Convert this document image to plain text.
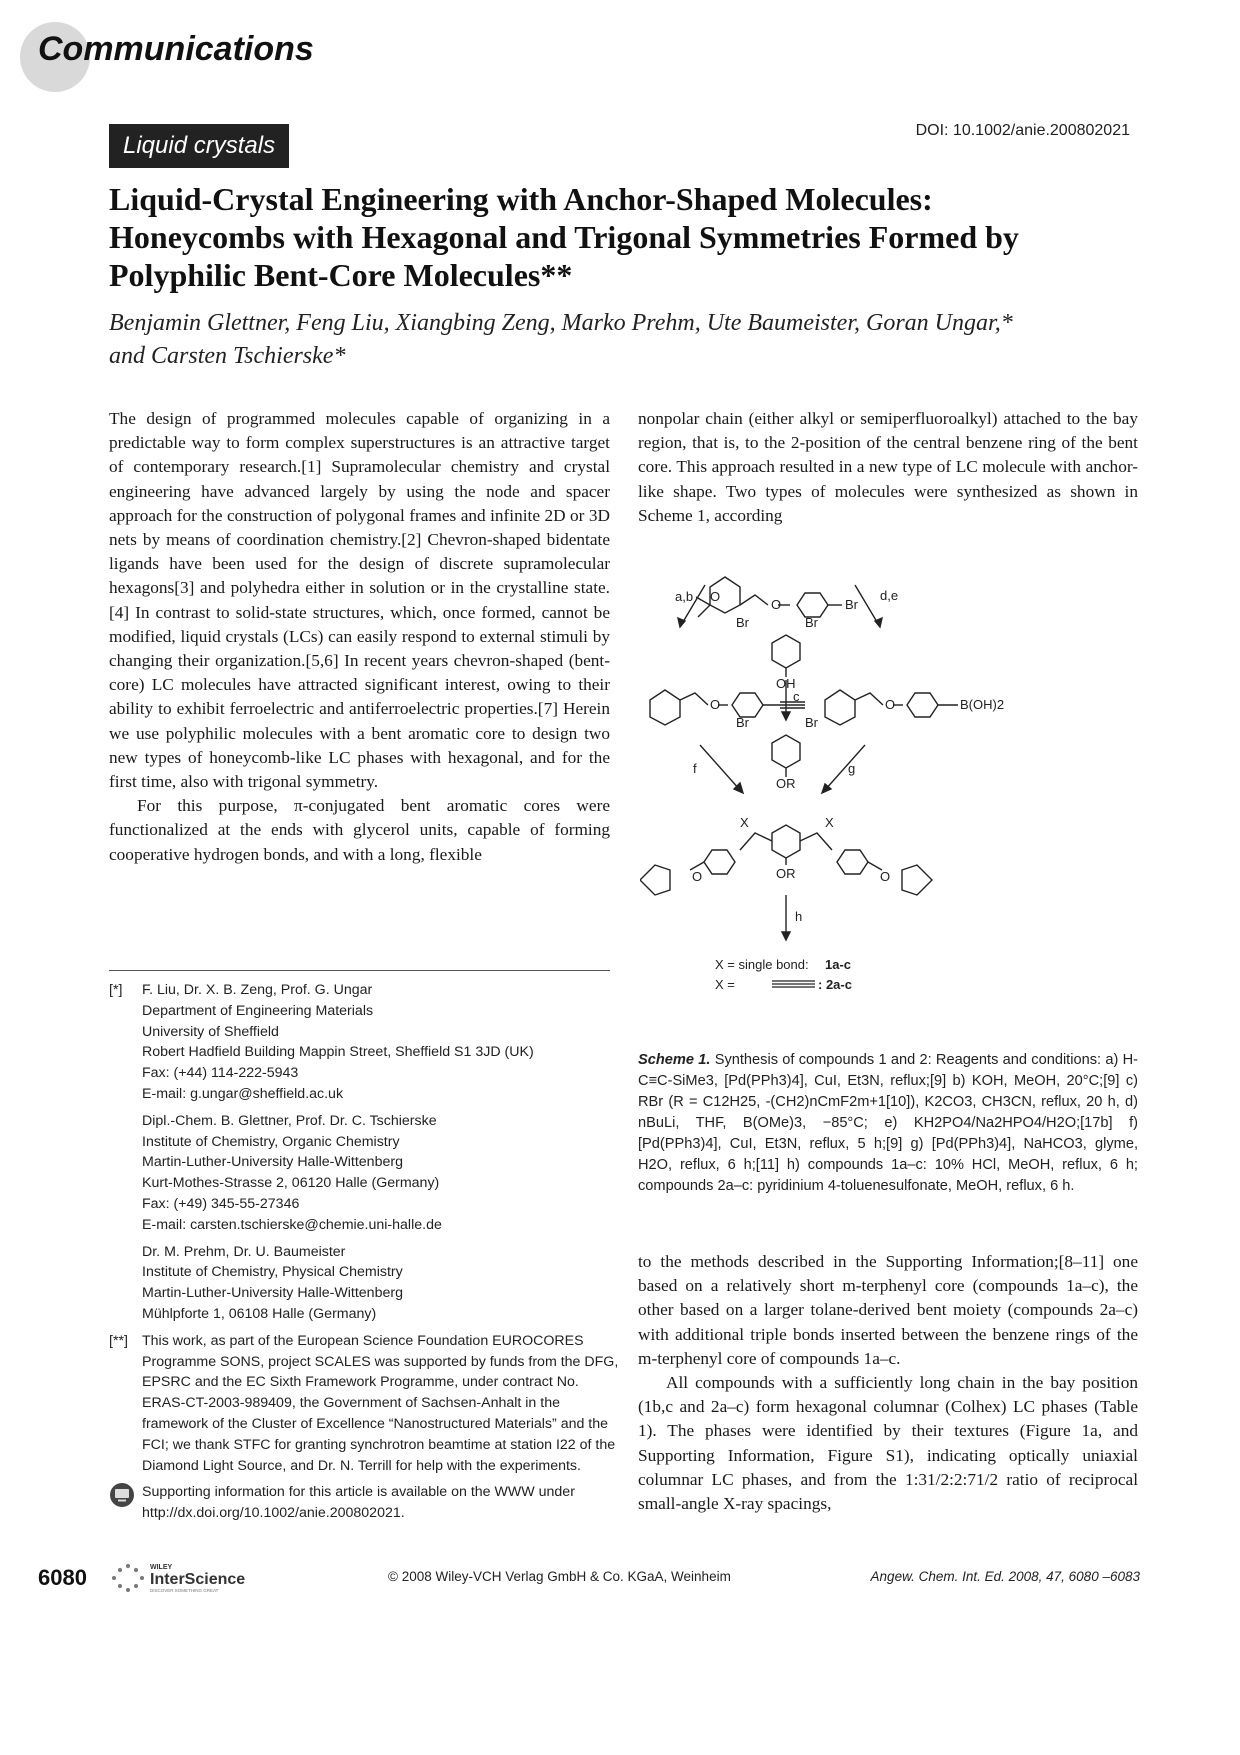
Communications
Liquid crystals
DOI: 10.1002/anie.200802021
Liquid-Crystal Engineering with Anchor-Shaped Molecules:
Honeycombs with Hexagonal and Trigonal Symmetries Formed by
Polyphilic Bent-Core Molecules**
Benjamin Glettner, Feng Liu, Xiangbing Zeng, Marko Prehm, Ute Baumeister, Goran Ungar,*
and Carsten Tschierske*

The design of programmed molecules capable of organizing in a predictable way to form complex superstructures is an attractive target of contemporary research.[1] Supramolecular chemistry and crystal engineering have advanced largely by using the node and spacer approach for the construction of polygonal frames and infinite 2D or 3D nets by means of coordination chemistry.[2] Chevron-shaped bidentate ligands have been used for the design of discrete supramolecular hexagons[3] and polyhedra either in solution or in the crystalline state.[4] In contrast to solid-state structures, which, once formed, cannot be modified, liquid crystals (LCs) can easily respond to external stimuli by changing their organization.[5,6] In recent years chevron-shaped (bent-core) LC molecules have attracted significant interest, owing to their ability to exhibit ferroelectric and antiferroelectric properties.[7] Herein we use polyphilic molecules with a bent aromatic core to design two new types of honeycomb-like LC phases with hexagonal, and for the first time, also with trigonal symmetry.

For this purpose, π-conjugated bent aromatic cores were functionalized at the ends with glycerol units, capable of forming cooperative hydrogen bonds, and with a long, flexible

nonpolar chain (either alkyl or semiperfluoroalkyl) attached to the bay region, that is, to the 2-position of the central benzene ring of the bent core. This approach resulted in a new type of LC molecule with anchor-like shape. Two types of molecules were synthesized as shown in Scheme 1, according

to the methods described in the Supporting Information;[8–11] one based on a relatively short m-terphenyl core (compounds 1a–c), the other based on a larger tolane-derived bent moiety (compounds 2a–c) with additional triple bonds inserted between the benzene rings of the m-terphenyl core of compounds 1a–c.

All compounds with a sufficiently long chain in the bay position (1b,c and 2a–c) form hexagonal columnar (Colhex) LC phases (Table 1). The phases were identified by their textures (Figure 1a, and Supporting Information, Figure S1), indicating optically uniaxial columnar LC phases, and from the 1:31/2:2:71/2 ratio of reciprocal small-angle X-ray spacings,

[*] F. Liu, Dr. X. B. Zeng, Prof. G. Ungar
Department of Engineering Materials
University of Sheffield
Robert Hadfield Building Mappin Street, Sheffield S1 3JD (UK)
Fax: (+44) 114-222-5943
E-mail: g.ungar@sheffield.ac.uk
Dipl.-Chem. B. Glettner, Prof. Dr. C. Tschierske
Institute of Chemistry, Organic Chemistry
Martin-Luther-University Halle-Wittenberg
Kurt-Mothes-Strasse 2, 06120 Halle (Germany)
Fax: (+49) 345-55-27346
E-mail: carsten.tschierske@chemie.uni-halle.de
Dr. M. Prehm, Dr. U. Baumeister
Institute of Chemistry, Physical Chemistry
Martin-Luther-University Halle-Wittenberg
Mühlpforte 1, 06108 Halle (Germany)
[**] This work, as part of the European Science Foundation EUROCORES Programme SONS, project SCALES was supported by funds from the DFG, EPSRC and the EC Sixth Framework Programme, under contract No. ERAS-CT-2003-989409, the Government of Sachsen-Anhalt in the framework of the Cluster of Excellence “Nanostructured Materials” and the FCI; we thank STFC for granting synchrotron beamtime at station I22 of the Diamond Light Source, and Dr. N. Terrill for help with the experiments.
Supporting information for this article is available on the WWW under http://dx.doi.org/10.1002/anie.200802021.
O
O	Br
a,b	d,e
Br	Br
OH
c
O	O	B(OH)2
Br	Br
OR
f	g
X	X
OR
O	O
h
X = single bond: 1a-c
X =	: 2a-c
Scheme 1. Synthesis of compounds 1 and 2: Reagents and conditions: a) H-C≡C-SiMe3, [Pd(PPh3)4], CuI, Et3N, reflux;[9] b) KOH, MeOH, 20°C;[9] c) RBr (R = C12H25, -(CH2)nCmF2m+1[10]), K2CO3, CH3CN, reflux, 20 h, d) nBuLi, THF, B(OMe)3, −85°C; e) KH2PO4/Na2HPO4/H2O;[17b] f) [Pd(PPh3)4], CuI, Et3N, reflux, 5 h;[9] g) [Pd(PPh3)4], NaHCO3, glyme, H2O, reflux, 6 h;[11] h) compounds 1a–c: 10% HCl, MeOH, reflux, 6 h; compounds 2a–c: pyridinium 4-toluenesulfonate, MeOH, reflux, 6 h.
6080	WILEY
InterScience
DISCOVER SOMETHING GREAT
© 2008 Wiley-VCH Verlag GmbH & Co. KGaA, Weinheim	Angew. Chem. Int. Ed. 2008, 47, 6080 –6083
